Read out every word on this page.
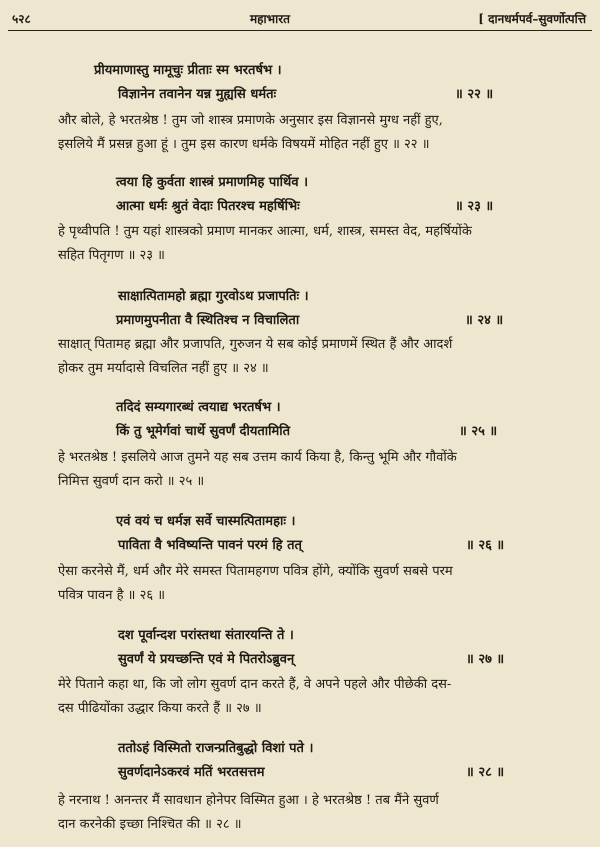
५२८	महाभारत	[ दानधर्मपर्व–सुवर्णोत्पत्ति
प्रीयमाणास्तु मामूचुः प्रीताः स्म भरतर्षभ ।
विज्ञानेन तवानेन यन्न मुह्यसि धर्मतः	॥ २२ ॥
और बोले, हे भरतश्रेष्ठ ! तुम जो शास्त्र प्रमाणके अनुसार इस विज्ञानसे मुग्ध नहीं हुए,
इसलिये मैं प्रसन्न हुआ हूं । तुम इस कारण धर्मके विषयमें मोहित नहीं हुए ॥ २२ ॥
त्वया हि कुर्वता शास्त्रं प्रमाणमिह पार्थिव ।
आत्मा धर्मः श्रुतं वेदाः पितरश्च महर्षिभिः	॥ २३ ॥
हे पृथ्वीपति ! तुम यहां शास्त्रको प्रमाण मानकर आत्मा, धर्म, शास्त्र, समस्त वेद, महर्षियोंके
सहित पितृगण ॥ २३ ॥
साक्षात्पितामहो ब्रह्मा गुरवोऽथ प्रजापतिः ।
प्रमाणमुपनीता वै स्थितिश्च न विचालिता	॥ २४ ॥
साक्षात् पितामह ब्रह्मा और प्रजापति, गुरुजन ये सब कोई प्रमाणमें स्थित हैं और आदर्श
होकर तुम मर्यादासे विचलित नहीं हुए ॥ २४ ॥
तदिदं सम्यगारब्धं त्वयाद्य भरतर्षभ ।
किं तु भूमेर्गवां चार्थे सुवर्णं दीयतामिति	॥ २५ ॥
हे भरतश्रेष्ठ ! इसलिये आज तुमने यह सब उत्तम कार्य किया है, किन्तु भूमि और गौवोंके
निमित्त सुवर्ण दान करो ॥ २५ ॥
एवं वयं च धर्मज्ञ सर्वे चास्मत्पितामहाः ।
पाविता वै भविष्यन्ति पावनं परमं हि तत्	॥ २६ ॥
ऐसा करनेसे मैं, धर्म और मेरे समस्त पितामहगण पवित्र होंगे, क्योंकि सुवर्ण सबसे परम
पवित्र पावन है ॥ २६ ॥
दश पूर्वान्दश परांस्तथा संतारयन्ति ते ।
सुवर्णं ये प्रयच्छन्ति एवं मे पितरोऽब्रुवन्	॥ २७ ॥
मेरे पिताने कहा था, कि जो लोग सुवर्ण दान करते हैं, वे अपने पहले और पीछेकी दस-
दस पीढियोंका उद्धार किया करते हैं ॥ २७ ॥
ततोऽहं विस्मितो राजन्प्रतिबुद्धो विशां पते ।
सुवर्णदानेऽकरवं मतिं भरतसत्तम	॥ २८ ॥
हे नरनाथ ! अनन्तर मैं सावधान होनेपर विस्मित हुआ । हे भरतश्रेष्ठ ! तब मैंने सुवर्ण
दान करनेकी इच्छा निश्चित की ॥ २८ ॥
